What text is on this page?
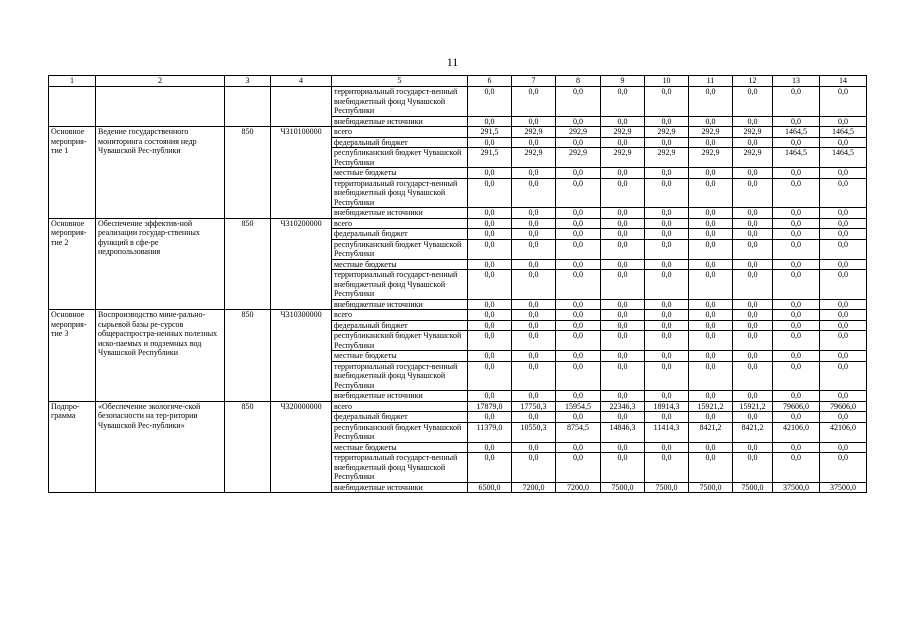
11
1	2	3	4	5	6	7	8	9	10	11	12	13	14
				территориальный государст-венный внебюджетный фонд Чувашской Республики	0,0	0,0	0,0	0,0	0,0	0,0	0,0	0,0	0,0
				внебюджетные источники	0,0	0,0	0,0	0,0	0,0	0,0	0,0	0,0	0,0
Основное мероприя-тие 1	Ведение государственного мониторинга состояния недр Чувашской Рес-публики	850	Ч310100000	всего	291,5	292,9	292,9	292,9	292,9	292,9	292,9	1464,5	1464,5
				федеральный бюджет	0,0	0,0	0,0	0,0	0,0	0,0	0,0	0,0	0,0
				республиканский бюджет Чувашской Республики	291,5	292,9	292,9	292,9	292,9	292,9	292,9	1464,5	1464,5
				местные бюджеты	0,0	0,0	0,0	0,0	0,0	0,0	0,0	0,0	0,0
				территориальный государст-венный внебюджетный фонд Чувашской Республики	0,0	0,0	0,0	0,0	0,0	0,0	0,0	0,0	0,0
				внебюджетные источники	0,0	0,0	0,0	0,0	0,0	0,0	0,0	0,0	0,0
Основное мероприя-тие 2	Обеспечение эффектив-ной реализации государ-ственных функций в сфе-ре недропользования	850	Ч310200000	всего	0,0	0,0	0,0	0,0	0,0	0,0	0,0	0,0	0,0
				федеральный бюджет	0,0	0,0	0,0	0,0	0,0	0,0	0,0	0,0	0,0
				республиканский бюджет Чувашской Республики	0,0	0,0	0,0	0,0	0,0	0,0	0,0	0,0	0,0
				местные бюджеты	0,0	0,0	0,0	0,0	0,0	0,0	0,0	0,0	0,0
				территориальный государст-венный внебюджетный фонд Чувашской Республики	0,0	0,0	0,0	0,0	0,0	0,0	0,0	0,0	0,0
				внебюджетные источники	0,0	0,0	0,0	0,0	0,0	0,0	0,0	0,0	0,0
Основное мероприя-тие 3	Воспроизводство мине-рально-сырьевой базы ре-сурсов общераспростра-ненных полезных иско-паемых и подземных вод Чувашской Республики	850	Ч310300000	всего	0,0	0,0	0,0	0,0	0,0	0,0	0,0	0,0	0,0
				федеральный бюджет	0,0	0,0	0,0	0,0	0,0	0,0	0,0	0,0	0,0
				республиканский бюджет Чувашской Республики	0,0	0,0	0,0	0,0	0,0	0,0	0,0	0,0	0,0
				местные бюджеты	0,0	0,0	0,0	0,0	0,0	0,0	0,0	0,0	0,0
				территориальный государст-венный внебюджетный фонд Чувашской Республики	0,0	0,0	0,0	0,0	0,0	0,0	0,0	0,0	0,0
				внебюджетные источники	0,0	0,0	0,0	0,0	0,0	0,0	0,0	0,0	0,0
Подпро-грамма	«Обеспечение экологиче-ской безопасности на тер-ритории Чувашской Рес-публики»	850	Ч320000000	всего	17879,0	17750,3	15954,5	22346,3	18914,3	15921,2	15921,2	79606,0	79606,0
				федеральный бюджет	0,0	0,0	0,0	0,0	0,0	0,0	0,0	0,0	0,0
				республиканский бюджет Чувашской Республики	11379,0	10550,3	8754,5	14846,3	11414,3	8421,2	8421,2	42106,0	42106,0
				местные бюджеты	0,0	0,0	0,0	0,0	0,0	0,0	0,0	0,0	0,0
				территориальный государст-венный внебюджетный фонд Чувашской Республики	0,0	0,0	0,0	0,0	0,0	0,0	0,0	0,0	0,0
				внебюджетные источники	6500,0	7200,0	7200,0	7500,0	7500,0	7500,0	7500,0	37500,0	37500,0
